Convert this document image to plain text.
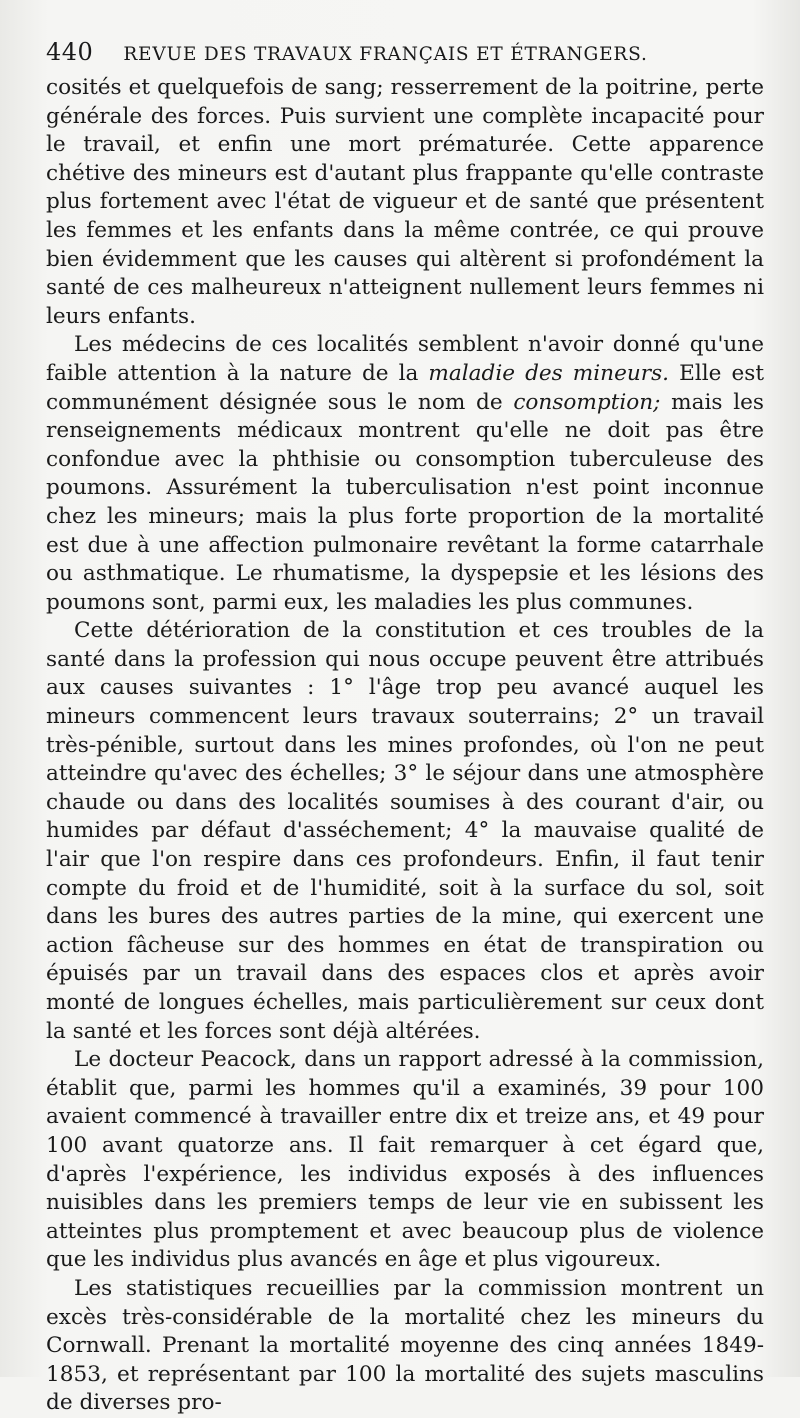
440 REVUE DES TRAVAUX FRANÇAIS ET ÉTRANGERS.

cosités et quelquefois de sang; resserrement de la poitrine, perte générale des forces. Puis survient une complète incapacité pour le travail, et enfin une mort prématurée. Cette apparence chétive des mineurs est d'autant plus frappante qu'elle contraste plus fortement avec l'état de vigueur et de santé que présentent les femmes et les enfants dans la même contrée, ce qui prouve bien évidemment que les causes qui altèrent si profondément la santé de ces malheureux n'atteignent nullement leurs femmes ni leurs enfants.

Les médecins de ces localités semblent n'avoir donné qu'une faible attention à la nature de la maladie des mineurs. Elle est communément désignée sous le nom de consomption; mais les renseignements médicaux montrent qu'elle ne doit pas être confondue avec la phthisie ou consomption tuberculeuse des poumons. Assurément la tuberculisation n'est point inconnue chez les mineurs; mais la plus forte proportion de la mortalité est due à une affection pulmonaire revêtant la forme catarrhale ou asthmatique. Le rhumatisme, la dyspepsie et les lésions des poumons sont, parmi eux, les maladies les plus communes.

Cette détérioration de la constitution et ces troubles de la santé dans la profession qui nous occupe peuvent être attribués aux causes suivantes : 1° l'âge trop peu avancé auquel les mineurs commencent leurs travaux souterrains; 2° un travail très-pénible, surtout dans les mines profondes, où l'on ne peut atteindre qu'avec des échelles; 3° le séjour dans une atmosphère chaude ou dans des localités soumises à des courant d'air, ou humides par défaut d'asséchement; 4° la mauvaise qualité de l'air que l'on respire dans ces profondeurs. Enfin, il faut tenir compte du froid et de l'humidité, soit à la surface du sol, soit dans les bures des autres parties de la mine, qui exercent une action fâcheuse sur des hommes en état de transpiration ou épuisés par un travail dans des espaces clos et après avoir monté de longues échelles, mais particulièrement sur ceux dont la santé et les forces sont déjà altérées.

Le docteur Peacock, dans un rapport adressé à la commission, établit que, parmi les hommes qu'il a examinés, 39 pour 100 avaient commencé à travailler entre dix et treize ans, et 49 pour 100 avant quatorze ans. Il fait remarquer à cet égard que, d'après l'expérience, les individus exposés à des influences nuisibles dans les premiers temps de leur vie en subissent les atteintes plus promptement et avec beaucoup plus de violence que les individus plus avancés en âge et plus vigoureux.

Les statistiques recueillies par la commission montrent un excès très-considérable de la mortalité chez les mineurs du Cornwall. Prenant la mortalité moyenne des cinq années 1849-1853, et représentant par 100 la mortalité des sujets masculins de diverses pro-
